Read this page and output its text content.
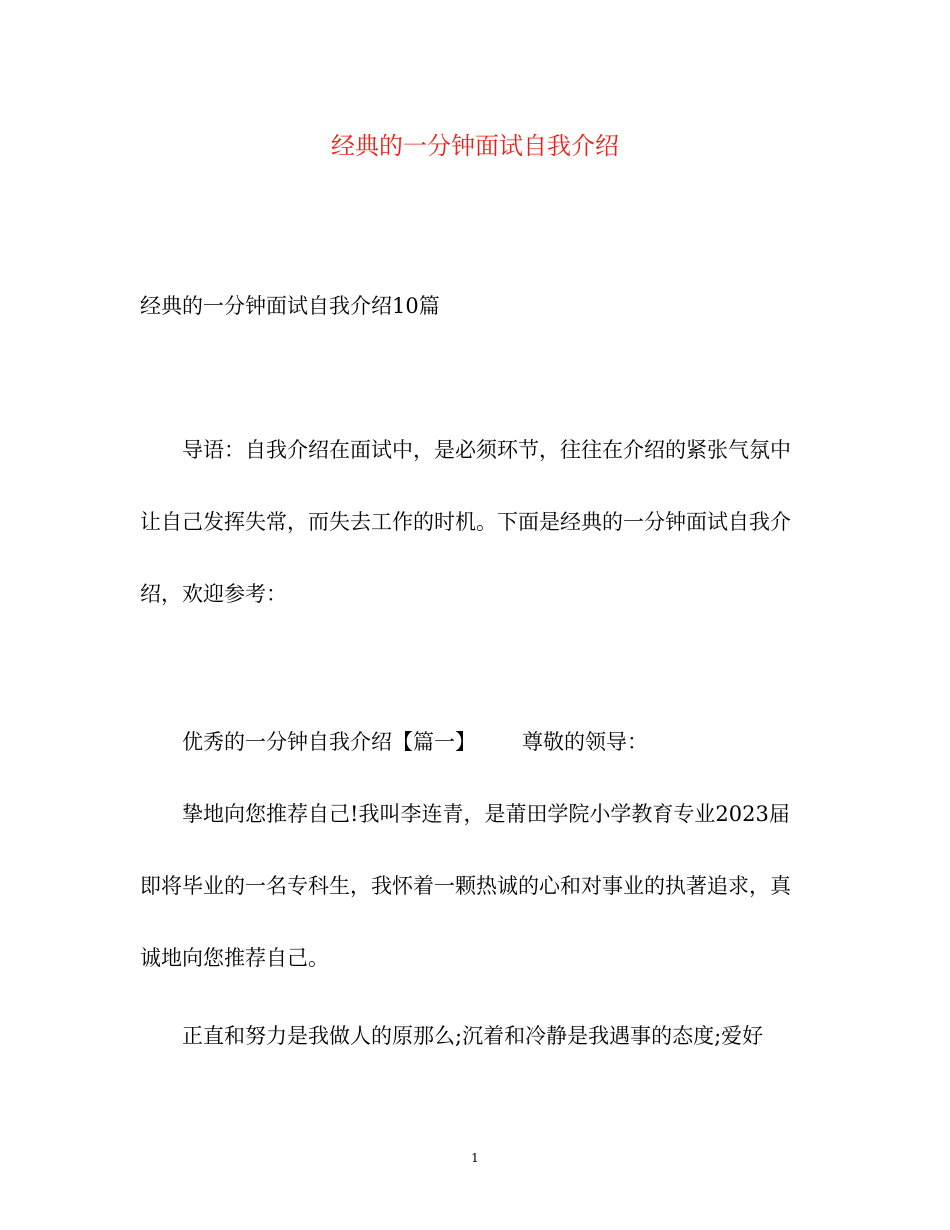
经典的一分钟面试自我介绍

经典的一分钟面试自我介绍10篇

导语：自我介绍在面试中，是必须环节，往往在介绍的紧张气氛中让自己发挥失常，而失去工作的时机。下面是经典的一分钟面试自我介绍，欢迎参考：

优秀的一分钟自我介绍【篇一】 尊敬的领导：

挚地向您推荐自己!我叫李连青，是莆田学院小学教育专业2023届即将毕业的一名专科生，我怀着一颗热诚的心和对事业的执著追求，真诚地向您推荐自己。

正直和努力是我做人的原那么;沉着和冷静是我遇事的态度;爱好

1
